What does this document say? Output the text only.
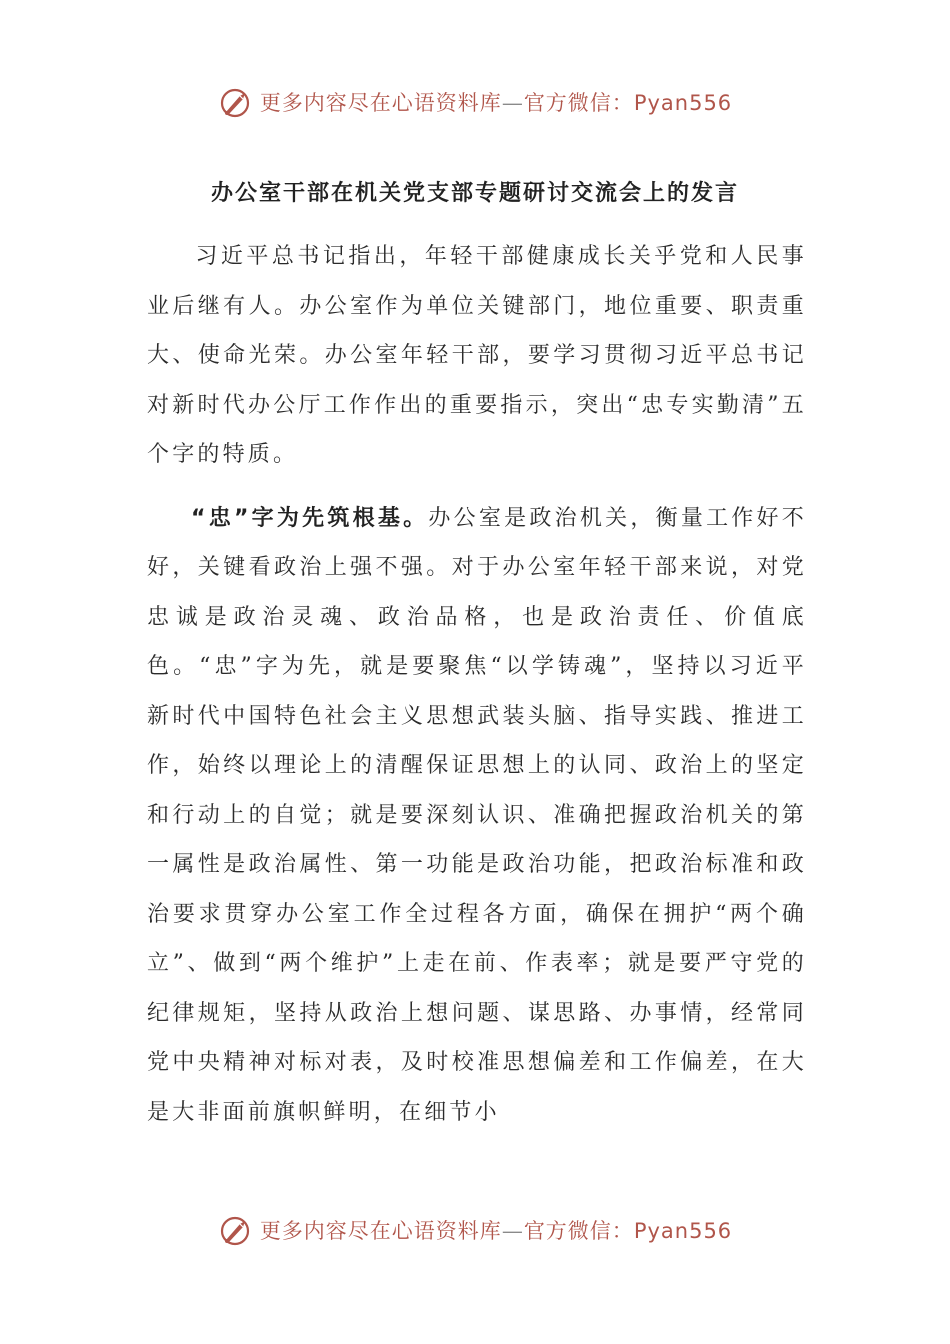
更多内容尽在心语资料库—官方微信：Pyan556
办公室干部在机关党支部专题研讨交流会上的发言

习近平总书记指出，年轻干部健康成长关乎党和人民事业后继有人。办公室作为单位关键部门，地位重要、职责重大、使命光荣。办公室年轻干部，要学习贯彻习近平总书记对新时代办公厅工作作出的重要指示，突出“忠专实勤清”五个字的特质。

“忠”字为先筑根基。办公室是政治机关，衡量工作好不好，关键看政治上强不强。对于办公室年轻干部来说，对党忠诚是政治灵魂、政治品格，也是政治责任、价值底色。“忠”字为先，就是要聚焦“以学铸魂”，坚持以习近平新时代中国特色社会主义思想武装头脑、指导实践、推进工作，始终以理论上的清醒保证思想上的认同、政治上的坚定和行动上的自觉；就是要深刻认识、准确把握政治机关的第一属性是政治属性、第一功能是政治功能，把政治标准和政治要求贯穿办公室工作全过程各方面，确保在拥护“两个确立”、做到“两个维护”上走在前、作表率；就是要严守党的纪律规矩，坚持从政治上想问题、谋思路、办事情，经常同党中央精神对标对表，及时校准思想偏差和工作偏差，在大是大非面前旗帜鲜明，在细节小

更多内容尽在心语资料库—官方微信：Pyan556
